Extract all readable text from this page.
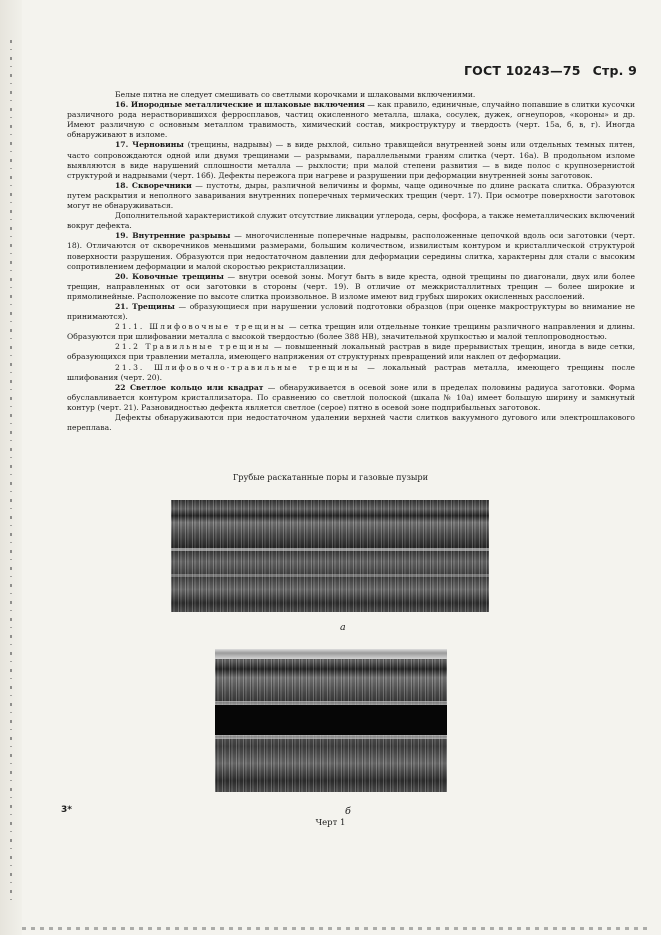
ГОСТ 10243—75 Стр. 9

Белые пятна не следует смешивать со светлыми корочками и шлаковыми включениями.

16. Инородные металлические и шлаковые включения — как правило, единичные, случайно попавшие в слитки кусочки различного рода нерастворившихся ферросплавов, частиц окисленного металла, шлака, сосулек, дужек, огнеупоров, «короны» и др. Имеют различную с основным металлом травимость, химический состав, микроструктуру и твердость (черт. 15а, б, в, г). Иногда обнаруживают в изломе.

17. Черновины (трещины, надрывы) — в виде рыхлой, сильно травящейся внутренней зоны или отдельных темных пятен, часто сопровождаются одной или двумя трещинами — разрывами, параллельными граням слитка (черт. 16а). В продольном изломе выявляются в виде нарушений сплошности металла — рыхлости; при малой степени развития — в виде полос с крупнозернистой структурой и надрывами (черт. 16б). Дефекты пережога при нагреве и разрушении при деформации внутренней зоны заготовок.

18. Скворечники — пустоты, дыры, различной величины и формы, чаще одиночные по длине раската слитка. Образуются путем раскрытия и неполного заваривания внутренних поперечных термических трещин (черт. 17). При осмотре поверхности заготовок могут не обнаруживаться.

Дополнительной характеристикой служит отсутствие ликвации углерода, серы, фосфора, а также неметаллических включений вокруг дефекта.

19. Внутренние разрывы — многочисленные поперечные надрывы, расположенные цепочкой вдоль оси заготовки (черт. 18). Отличаются от скворечников меньшими размерами, большим количеством, извилистым контуром и кристаллической структурой поверхности разрушения. Образуются при недостаточном давлении для деформации середины слитка, характерны для стали с высоким сопротивлением деформации и малой скоростью рекристаллизации.

20. Ковочные трещины — внутри осевой зоны. Могут быть в виде креста, одной трещины по диагонали, двух или более трещин, направленных от оси заготовки в стороны (черт. 19). В отличие от межкристаллитных трещин — более широкие и прямолинейные. Расположение по высоте слитка произвольное. В изломе имеют вид грубых широких окисленных расслоений.

21. Трещины — образующиеся при нарушении условий подготовки образцов (при оценке макроструктуры во внимание не принимаются).

21.1. Шлифовочные трещины — сетка трещин или отдельные тонкие трещины различного направления и длины. Образуются при шлифовании металла с высокой твердостью (более 388 НВ), значительной хрупкостью и малой теплопроводностью.

21.2 Травильные трещины — повышенный локальный растрав в виде прерывистых трещин, иногда в виде сетки, образующихся при травлении металла, имеющего напряжения от структурных превращений или наклеп от деформации.

21.3. Шлифовочно-травильные трещины — локальный растрав металла, имеющего трещины после шлифования (черт. 20).

22 Светлое кольцо или квадрат — обнаруживается в осевой зоне или в пределах половины радиуса заготовки. Форма обуславливается контуром кристаллизатора. По сравнению со светлой полоской (шкала № 10а) имеет большую ширину и замкнутый контур (черт. 21). Разновидностью дефекта является светлое (серое) пятно в осевой зоне подприбыльных заготовок.

Дефекты обнаруживаются при недостаточном удалении верхней части слитков вакуумного дугового или электрошлакового переплава.

Грубые раскатанные поры и газовые пузыри
а
3*	б
Черт 1
